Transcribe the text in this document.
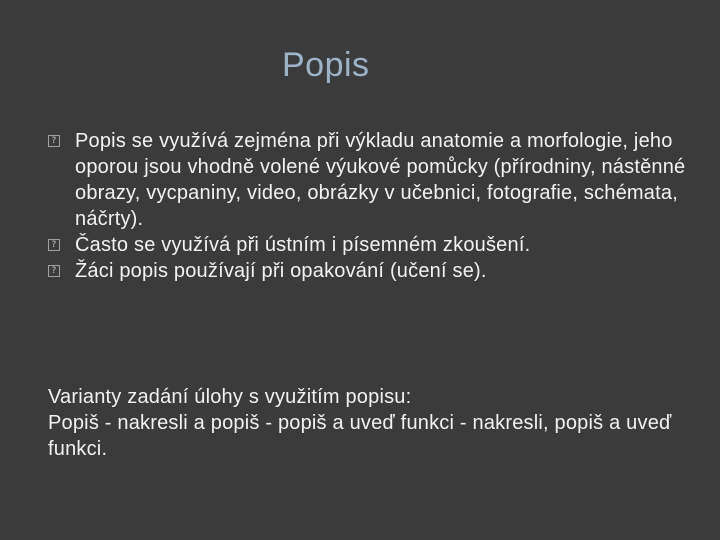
Popis
?
Popis se využívá zejména při výkladu anatomie a morfologie, jeho oporou jsou vhodně volené výukové pomůcky (přírodniny, nástěnné obrazy, vycpaniny, video, obrázky v učebnici, fotografie, schémata, náčrty).
?
Často se využívá při ústním i písemném zkoušení.
?
Žáci popis používají při opakování (učení se).

Varianty zadání úlohy s využitím popisu:

Popiš - nakresli a popiš - popiš a uveď funkci - nakresli, popiš a uveď funkci.
